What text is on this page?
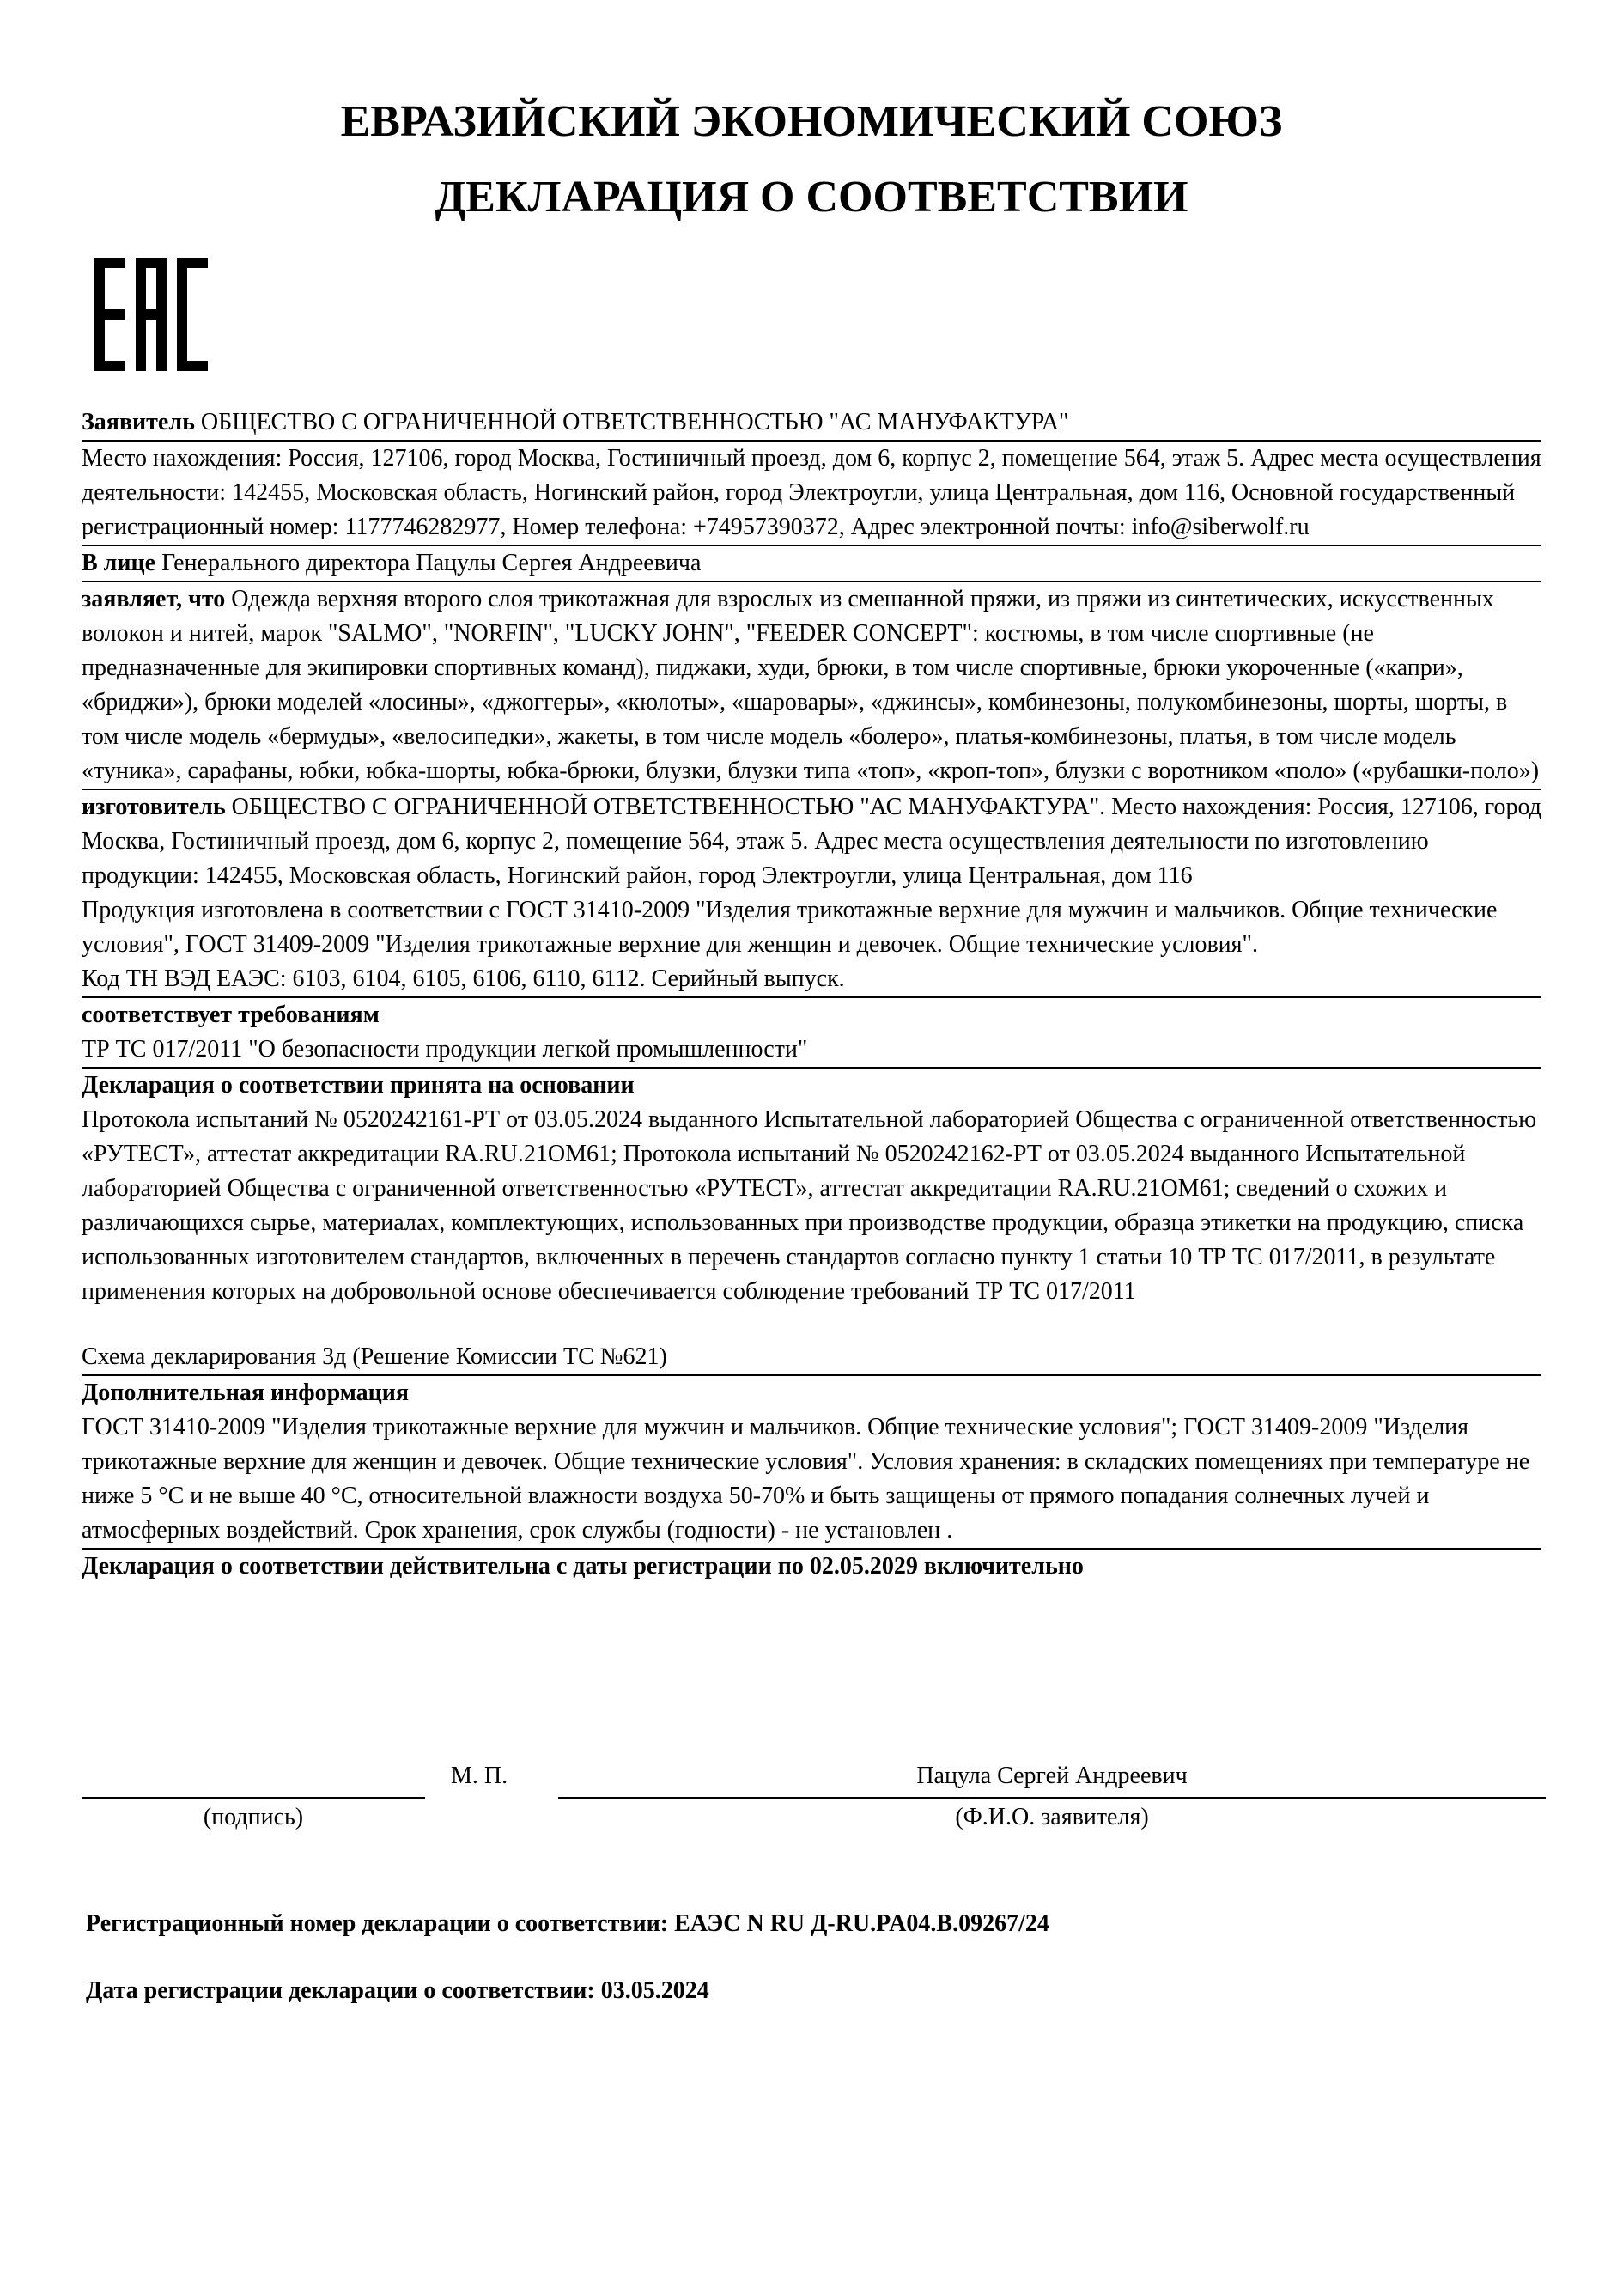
ЕВРАЗИЙСКИЙ ЭКОНОМИЧЕСКИЙ СОЮЗ
ДЕКЛАРАЦИЯ О СООТВЕТСТВИИ

Заявитель ОБЩЕСТВО С ОГРАНИЧЕННОЙ ОТВЕТСТВЕННОСТЬЮ "АС МАНУФАКТУРА"

Место нахождения: Россия, 127106, город Москва, Гостиничный проезд, дом 6, корпус 2, помещение 564, этаж 5. Адрес места осуществления деятельности: 142455, Московская область, Ногинский район, город Электроугли, улица Центральная, дом 116, Основной государственный регистрационный номер: 1177746282977, Номер телефона: +74957390372, Адрес электронной почты: info@siberwolf.ru

В лице Генерального директора Пацулы Сергея Андреевича

заявляет, что Одежда верхняя второго слоя трикотажная для взрослых из смешанной пряжи, из пряжи из синтетических, искусственных волокон и нитей, марок "SALMO", "NORFIN", "LUCKY JOHN", "FEEDER CONCEPT": костюмы, в том числе спортивные (не предназначенные для экипировки спортивных команд), пиджаки, худи, брюки, в том числе спортивные, брюки укороченные («капри», «бриджи»), брюки моделей «лосины», «джоггеры», «кюлоты», «шаровары», «джинсы», комбинезоны, полукомбинезоны, шорты, шорты, в том числе модель «бермуды», «велосипедки», жакеты, в том числе модель «болеро», платья-комбинезоны, платья, в том числе модель «туника», сарафаны, юбки, юбка-шорты, юбка-брюки, блузки, блузки типа «топ», «кроп-топ», блузки с воротником «поло» («рубашки-поло»)

изготовитель ОБЩЕСТВО С ОГРАНИЧЕННОЙ ОТВЕТСТВЕННОСТЬЮ "АС МАНУФАКТУРА". Место нахождения: Россия, 127106, город Москва, Гостиничный проезд, дом 6, корпус 2, помещение 564, этаж 5. Адрес места осуществления деятельности по изготовлению продукции: 142455, Московская область, Ногинский район, город Электроугли, улица Центральная, дом 116

Продукция изготовлена в соответствии с ГОСТ 31410-2009 "Изделия трикотажные верхние для мужчин и мальчиков. Общие технические условия", ГОСТ 31409-2009 "Изделия трикотажные верхние для женщин и девочек. Общие технические условия".

Код ТН ВЭД ЕАЭС: 6103, 6104, 6105, 6106, 6110, 6112. Серийный выпуск.

соответствует требованиям

ТР ТС 017/2011 "О безопасности продукции легкой промышленности"

Декларация о соответствии принята на основании

Протокола испытаний № 0520242161-РТ от 03.05.2024 выданного Испытательной лабораторией Общества с ограниченной ответственностью «РУТЕСТ», аттестат аккредитации RA.RU.21ОМ61; Протокола испытаний № 0520242162-РТ от 03.05.2024 выданного Испытательной лабораторией Общества с ограниченной ответственностью «РУТЕСТ», аттестат аккредитации RA.RU.21ОМ61; сведений о схожих и различающихся сырье, материалах, комплектующих, использованных при производстве продукции, образца этикетки на продукцию, списка использованных изготовителем стандартов, включенных в перечень стандартов согласно пункту 1 статьи 10 ТР ТС 017/2011, в результате применения которых на добровольной основе обеспечивается соблюдение требований ТР ТС 017/2011

Схема декларирования 3д (Решение Комиссии ТС №621)

Дополнительная информация

ГОСТ 31410-2009 "Изделия трикотажные верхние для мужчин и мальчиков. Общие технические условия"; ГОСТ 31409-2009 "Изделия трикотажные верхние для женщин и девочек. Общие технические условия". Условия хранения: в складских помещениях при температуре не ниже 5 °С и не выше 40 °С, относительной влажности воздуха 50-70% и быть защищены от прямого попадания солнечных лучей и атмосферных воздействий. Срок хранения, срок службы (годности) - не установлен .

Декларация о соответствии действительна с даты регистрации по 02.05.2029 включительно

М. П.	Пацула Сергей Андреевич
(подпись)	(Ф.И.О. заявителя)
Регистрационный номер декларации о соответствии: ЕАЭС N RU Д-RU.PA04.B.09267/24
Дата регистрации декларации о соответствии: 03.05.2024
